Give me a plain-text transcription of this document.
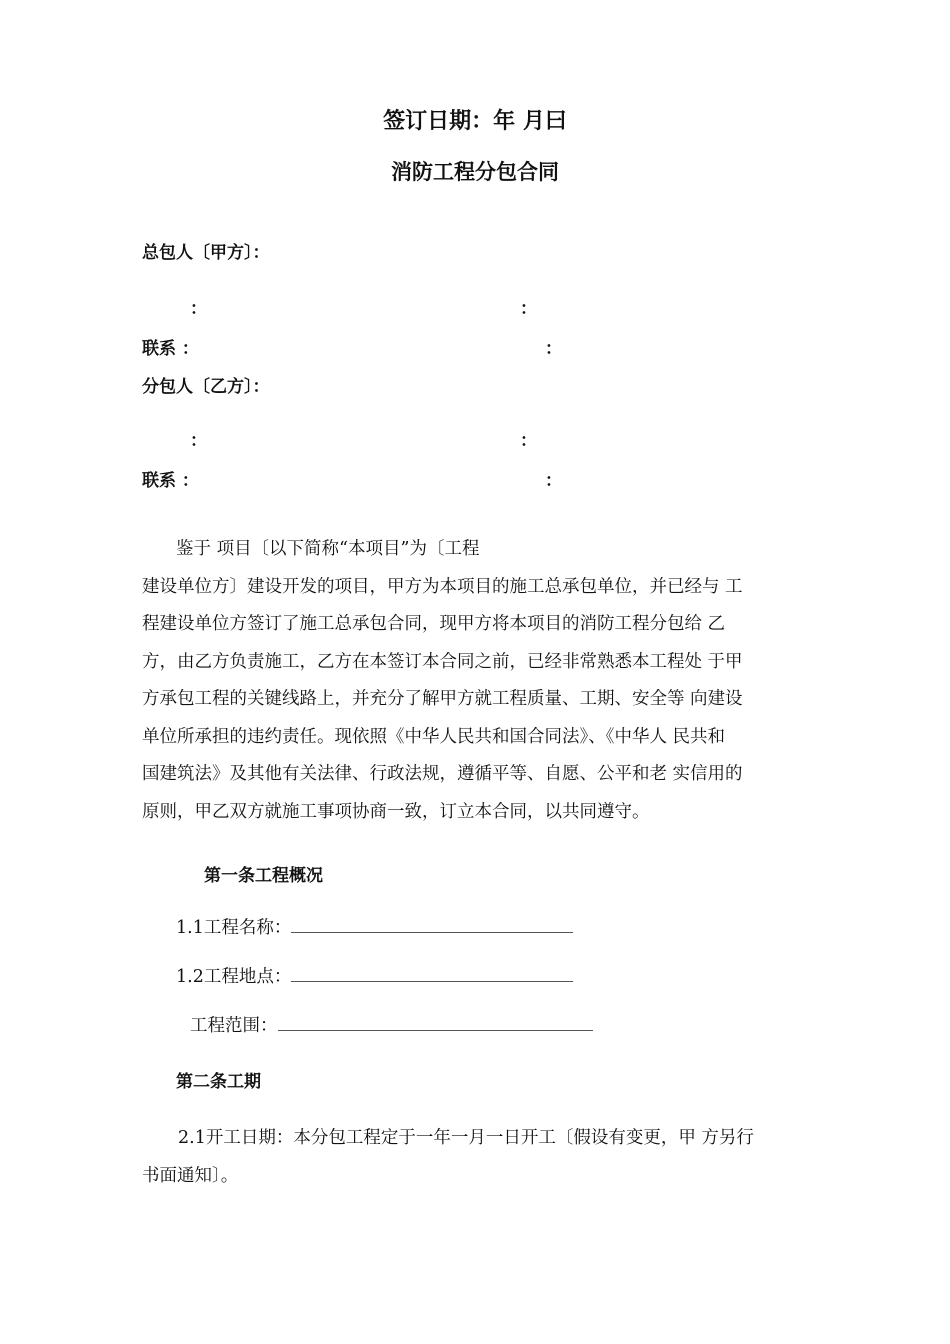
签订日期：年 月曰
消防工程分包合同
总包人〔甲方〕：
：	：
联系 ：	：
分包人〔乙方〕：
：	：
联系 ：	：
鉴于 项目〔以下简称“本项目”为〔工程
建设单位方〕建设开发的项目，甲方为本项目的施工总承包单位，并已经与 工
程建设单位方签订了施工总承包合同，现甲方将本项目的消防工程分包给 乙
方，由乙方负责施工，乙方在本签订本合同之前，已经非常熟悉本工程处 于甲
方承包工程的关键线路上，并充分了解甲方就工程质量、工期、安全等 向建设
单位所承担的违约责任。现依照《中华人民共和国合同法》、《中华人 民共和
国建筑法》及其他有关法律、行政法规，遵循平等、自愿、公平和老 实信用的
原则，甲乙双方就施工事项协商一致，订立本合同，以共同遵守。
第一条工程概况
1.1工程名称：
1.2工程地点：
工程范围：
第二条工期
2.1开工日期：本分包工程定于一年一月一日开工〔假设有变更，甲 方另行
书面通知〕。
